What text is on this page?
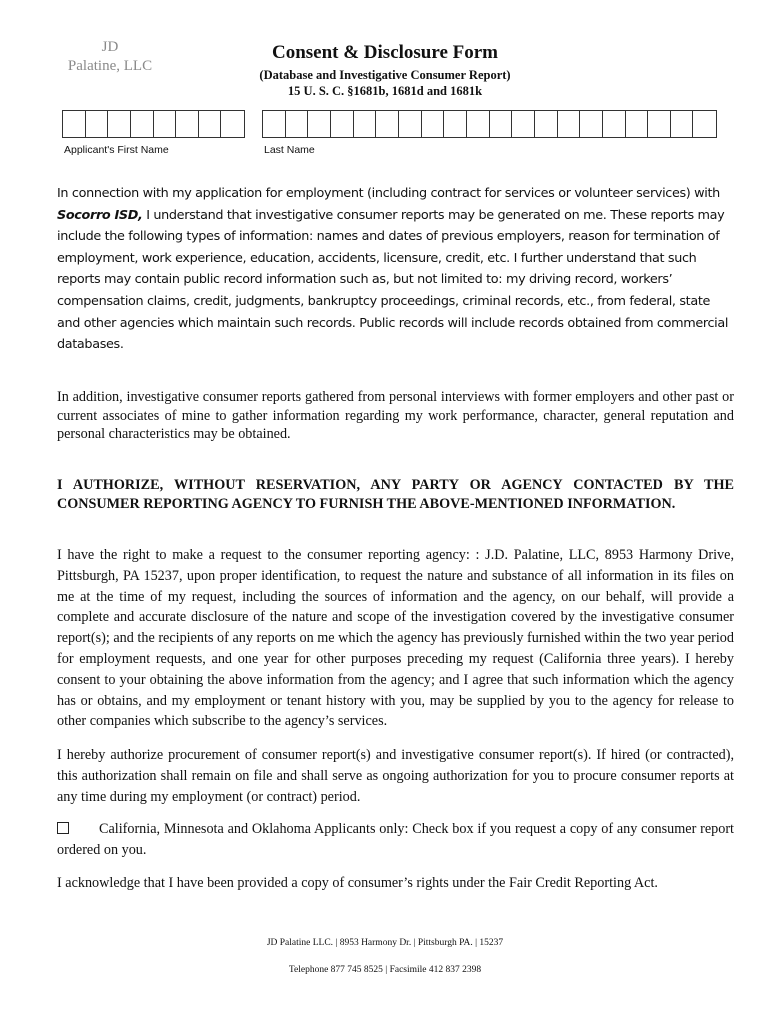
JD
Palatine, LLC
Consent & Disclosure Form
(Database and Investigative Consumer Report)
15 U. S. C. §1681b, 1681d and 1681k
Applicant's First Name	Last Name
In connection with my application for employment (including contract for services or volunteer services) with Socorro ISD, I understand that investigative consumer reports may be generated on me. These reports may include the following types of information: names and dates of previous employers, reason for termination of employment, work experience, education, accidents, licensure, credit, etc. I further understand that such reports may contain public record information such as, but not limited to: my driving record, workers’ compensation claims, credit, judgments, bankruptcy proceedings, criminal records, etc., from federal, state and other agencies which maintain such records. Public records will include records obtained from commercial databases.
In addition, investigative consumer reports gathered from personal interviews with former employers and other past or current associates of mine to gather information regarding my work performance, character, general reputation and personal characteristics may be obtained.
I AUTHORIZE, WITHOUT RESERVATION, ANY PARTY OR AGENCY CONTACTED BY THE CONSUMER REPORTING AGENCY TO FURNISH THE ABOVE-MENTIONED INFORMATION.
I have the right to make a request to the consumer reporting agency: : J.D. Palatine, LLC, 8953 Harmony Drive, Pittsburgh, PA 15237, upon proper identification, to request the nature and substance of all information in its files on me at the time of my request, including the sources of information and the agency, on our behalf, will provide a complete and accurate disclosure of the nature and scope of the investigation covered by the investigative consumer report(s); and the recipients of any reports on me which the agency has previously furnished within the two year period for employment requests, and one year for other purposes preceding my request (California three years). I hereby consent to your obtaining the above information from the agency; and I agree that such information which the agency has or obtains, and my employment or tenant history with you, may be supplied by you to the agency for release to other companies which subscribe to the agency’s services.
I hereby authorize procurement of consumer report(s) and investigative consumer report(s). If hired (or contracted), this authorization shall remain on file and shall serve as ongoing authorization for you to procure consumer reports at any time during my employment (or contract) period.
California, Minnesota and Oklahoma Applicants only: Check box if you request a copy of any consumer report ordered on you.
I acknowledge that I have been provided a copy of consumer’s rights under the Fair Credit Reporting Act.
JD Palatine LLC. | 8953 Harmony Dr. | Pittsburgh PA. | 15237
Telephone 877 745 8525 | Facsimile 412 837 2398
